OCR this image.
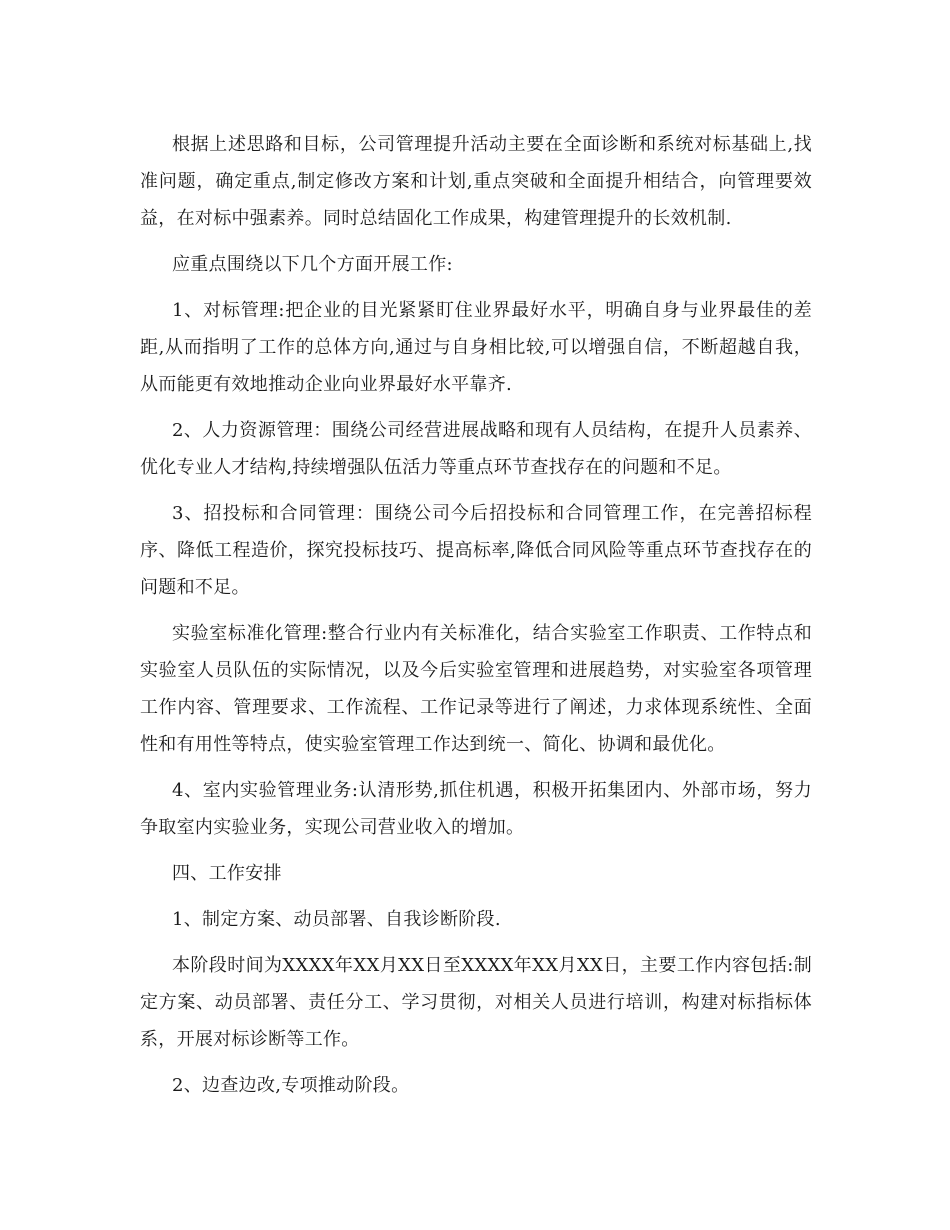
根据上述思路和目标，公司管理提升活动主要在全面诊断和系统对标基础上,找准问题，确定重点,制定修改方案和计划,重点突破和全面提升相结合，向管理要效益，在对标中强素养。同时总结固化工作成果，构建管理提升的长效机制.

应重点围绕以下几个方面开展工作:

1、对标管理:把企业的目光紧紧盯住业界最好水平，明确自身与业界最佳的差距,从而指明了工作的总体方向,通过与自身相比较,可以增强自信，不断超越自我，从而能更有效地推动企业向业界最好水平靠齐.

2、人力资源管理：围绕公司经营进展战略和现有人员结构，在提升人员素养、优化专业人才结构,持续增强队伍活力等重点环节查找存在的问题和不足。

3、招投标和合同管理：围绕公司今后招投标和合同管理工作，在完善招标程序、降低工程造价，探究投标技巧、提高标率,降低合同风险等重点环节查找存在的问题和不足。

实验室标准化管理:整合行业内有关标准化，结合实验室工作职责、工作特点和实验室人员队伍的实际情况，以及今后实验室管理和进展趋势，对实验室各项管理工作内容、管理要求、工作流程、工作记录等进行了阐述，力求体现系统性、全面性和有用性等特点，使实验室管理工作达到统一、简化、协调和最优化。

4、室内实验管理业务:认清形势,抓住机遇，积极开拓集团内、外部市场，努力争取室内实验业务，实现公司营业收入的增加。

四、工作安排

1、制定方案、动员部署、自我诊断阶段.

本阶段时间为XXXX年XX月XX日至XXXX年XX月XX日，主要工作内容包括:制定方案、动员部署、责任分工、学习贯彻，对相关人员进行培训，构建对标指标体系，开展对标诊断等工作。

2、边查边改,专项推动阶段。
